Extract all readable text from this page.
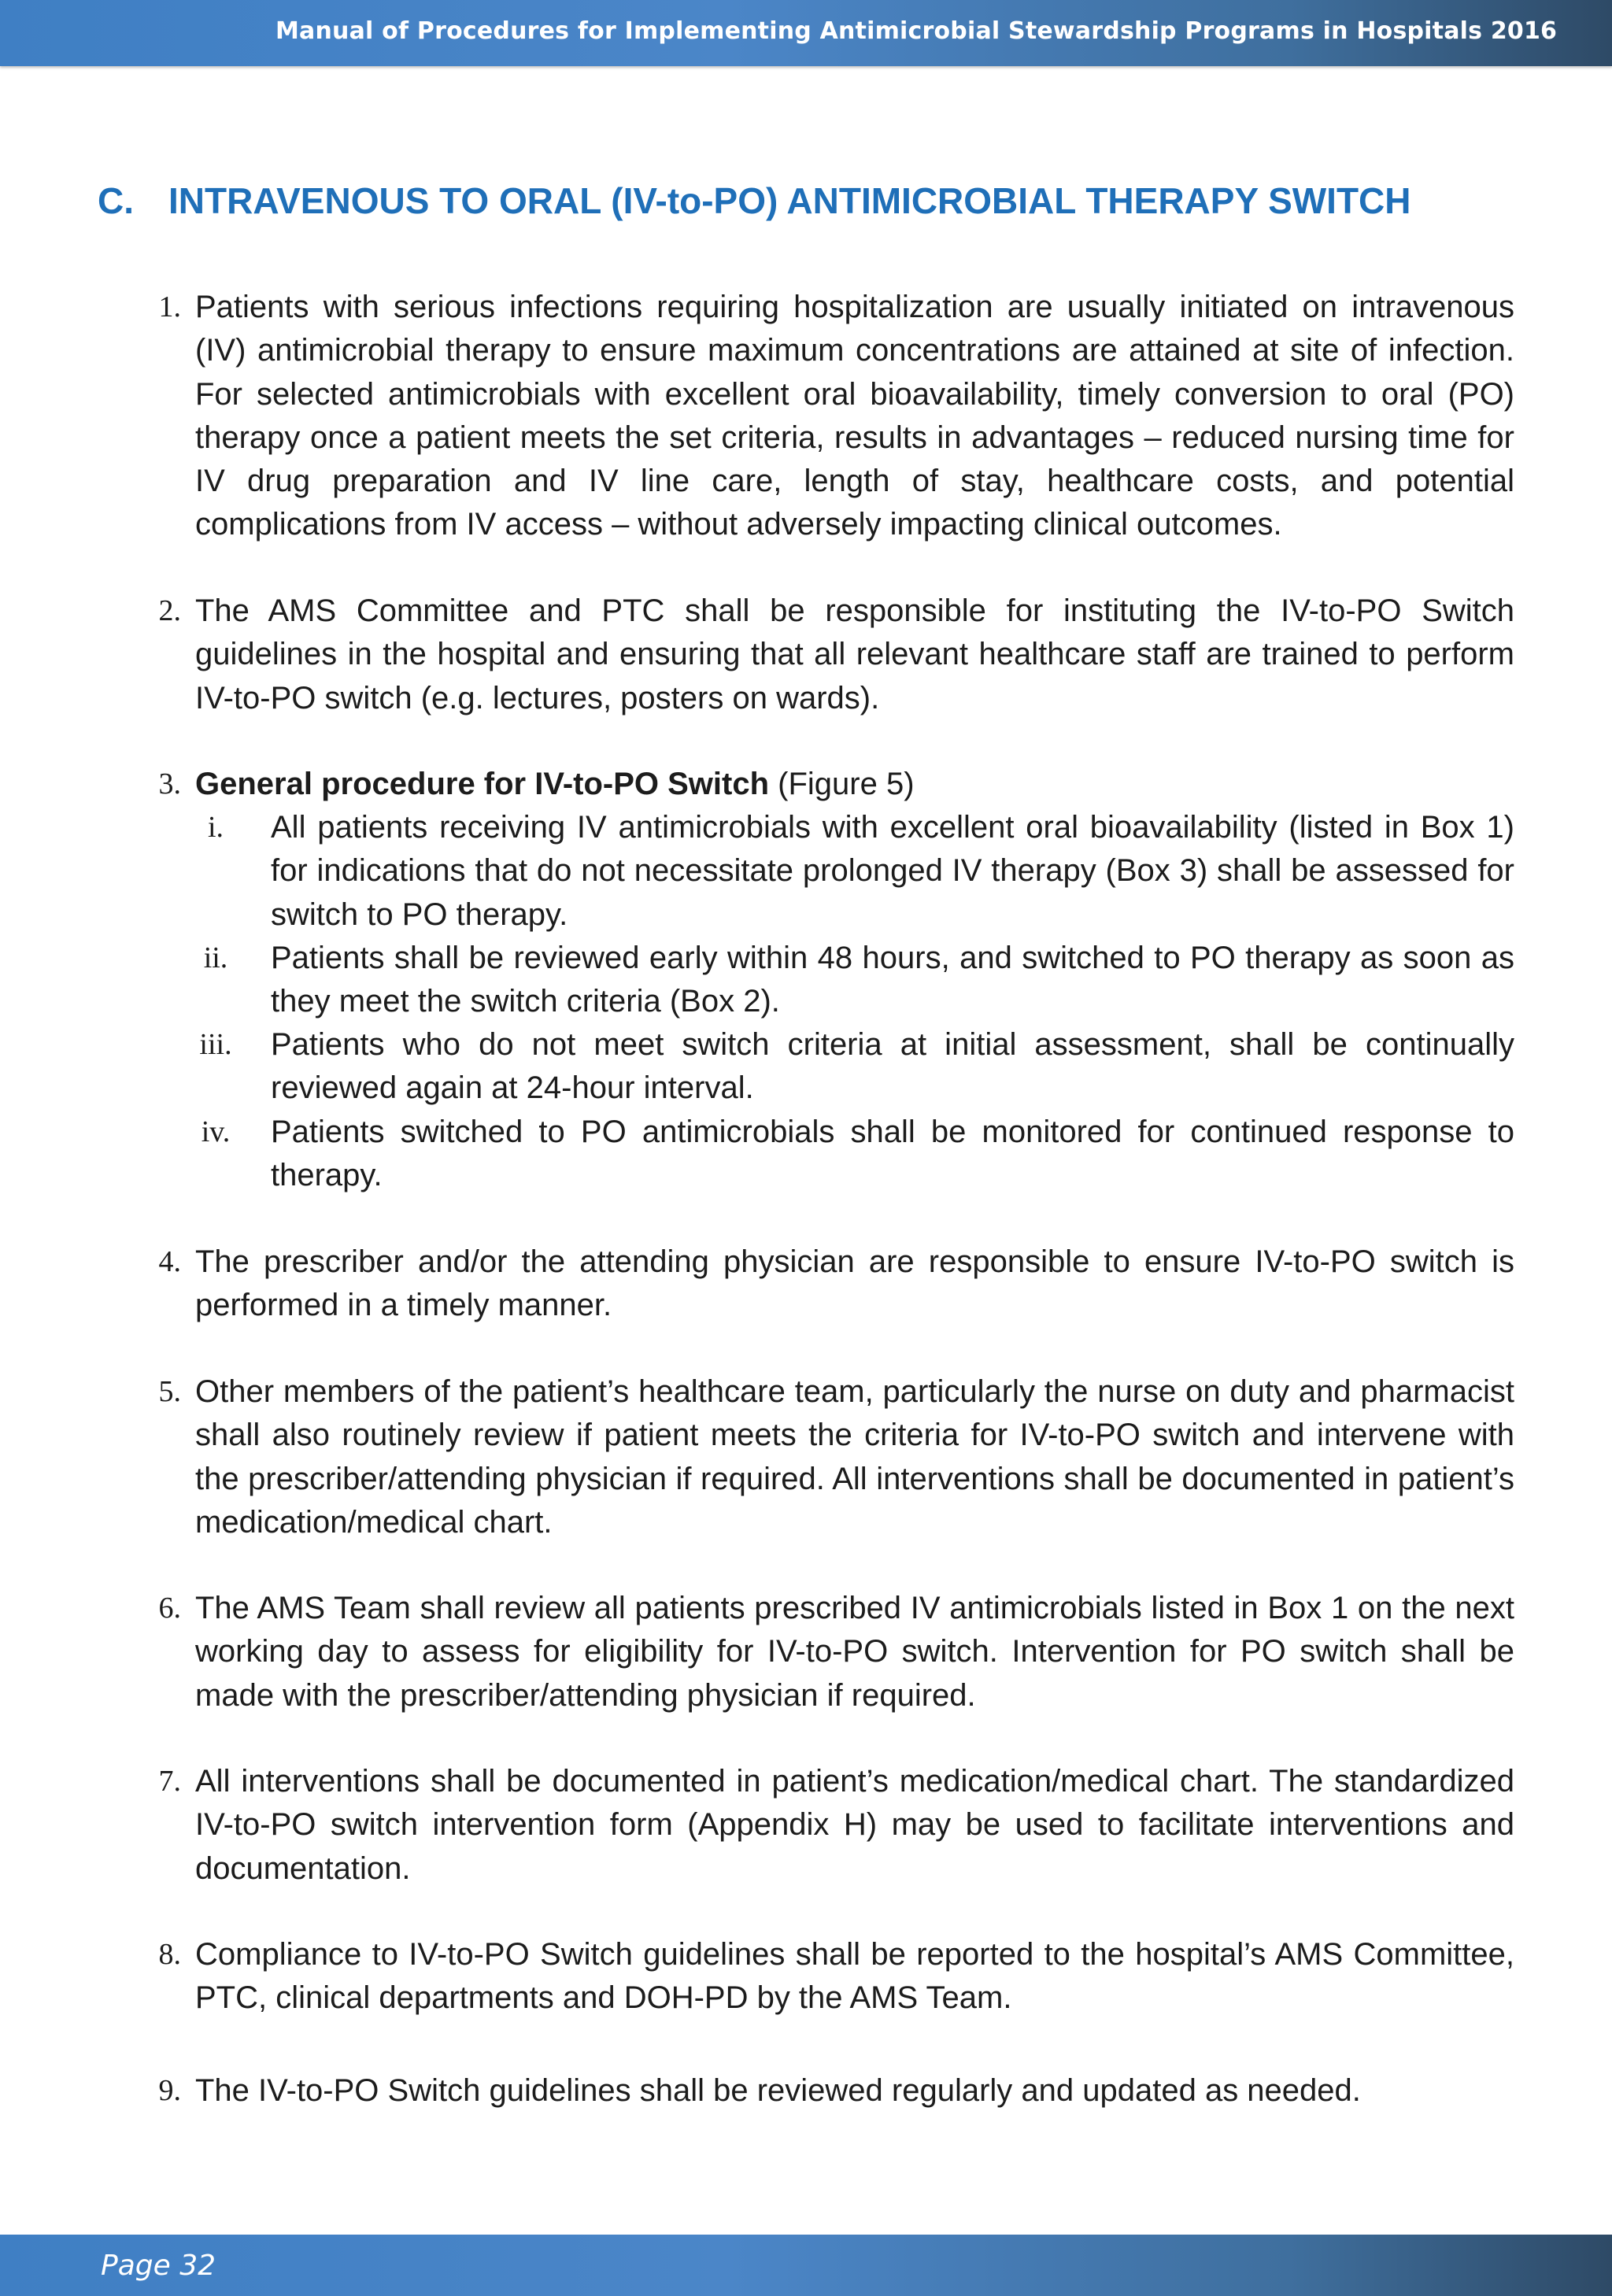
Manual of Procedures for Implementing Antimicrobial Stewardship Programs in Hospitals 2016
C. INTRAVENOUS TO ORAL (IV-to-PO) ANTIMICROBIAL THERAPY SWITCH
1. Patients with serious infections requiring hospitalization are usually initiated on intravenous (IV) antimicrobial therapy to ensure maximum concentrations are attained at site of infection. For selected antimicrobials with excellent oral bioavailability, timely conversion to oral (PO) therapy once a patient meets the set criteria, results in advantages – reduced nursing time for IV drug preparation and IV line care, length of stay, healthcare costs, and potential complications from IV access – without adversely impacting clinical outcomes.
2. The AMS Committee and PTC shall be responsible for instituting the IV-to-PO Switch guidelines in the hospital and ensuring that all relevant healthcare staff are trained to perform IV-to-PO switch (e.g. lectures, posters on wards).
3. General procedure for IV-to-PO Switch (Figure 5)
i.	All patients receiving IV antimicrobials with excellent oral bioavailability (listed in Box 1) for indications that do not necessitate prolonged IV therapy (Box 3) shall be assessed for switch to PO therapy.
ii.	Patients shall be reviewed early within 48 hours, and switched to PO therapy as soon as they meet the switch criteria (Box 2).
iii.	Patients who do not meet switch criteria at initial assessment, shall be continually reviewed again at 24-hour interval.
iv.	Patients switched to PO antimicrobials shall be monitored for continued response to therapy.
4. The prescriber and/or the attending physician are responsible to ensure IV-to-PO switch is performed in a timely manner.
5. Other members of the patient’s healthcare team, particularly the nurse on duty and pharmacist shall also routinely review if patient meets the criteria for IV-to-PO switch and intervene with the prescriber/attending physician if required. All interventions shall be documented in patient’s medication/medical chart.
6. The AMS Team shall review all patients prescribed IV antimicrobials listed in Box 1 on the next working day to assess for eligibility for IV-to-PO switch. Intervention for PO switch shall be made with the prescriber/attending physician if required.
7. All interventions shall be documented in patient’s medication/medical chart. The standardized IV-to-PO switch intervention form (Appendix H) may be used to facilitate interventions and documentation.
8. Compliance to IV-to-PO Switch guidelines shall be reported to the hospital’s AMS Committee, PTC, clinical departments and DOH-PD by the AMS Team.
9. The IV-to-PO Switch guidelines shall be reviewed regularly and updated as needed.
Page 32
